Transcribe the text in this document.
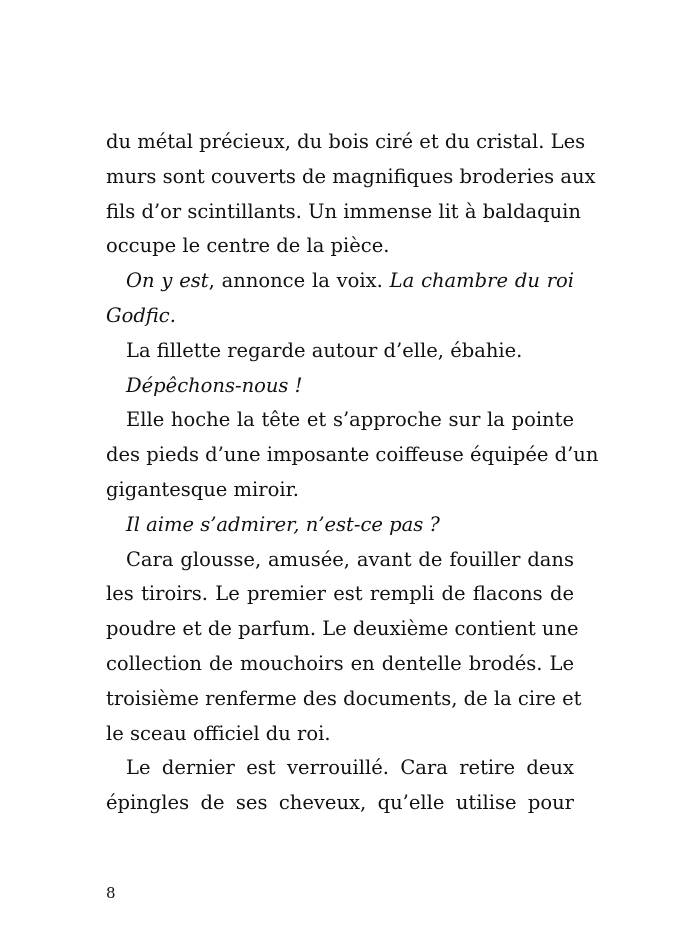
du métal précieux, du bois ciré et du cristal. Les
murs sont couverts de magnifiques broderies aux
fils d’or scintillants. Un immense lit à baldaquin
occupe le centre de la pièce.
On y est, annonce la voix. La chambre du roi
Godfic.
La fillette regarde autour d’elle, ébahie.
Dépêchons-nous !
Elle hoche la tête et s’approche sur la pointe
des pieds d’une imposante coiffeuse équipée d’un
gigantesque miroir.
Il aime s’admirer, n’est-ce pas ?
Cara glousse, amusée, avant de fouiller dans
les tiroirs. Le premier est rempli de flacons de
poudre et de parfum. Le deuxième contient une
collection de mouchoirs en dentelle brodés. Le
troisième renferme des documents, de la cire et
le sceau officiel du roi.
Le dernier est verrouillé. Cara retire deux
épingles de ses cheveux, qu’elle utilise pour
8
